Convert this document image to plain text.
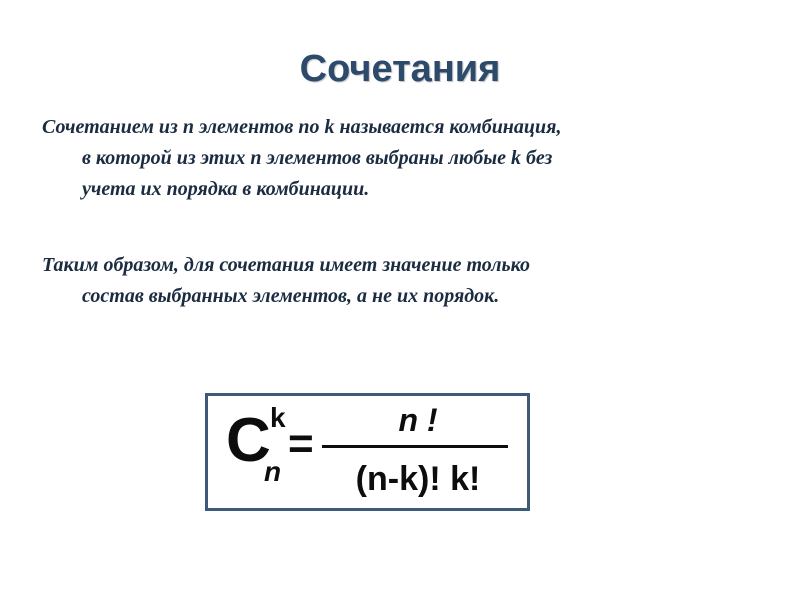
Сочетания
Сочетанием из n элементов по k называется комбинация,
в которой из этих n элементов выбраны любые k без
учета их порядка в комбинации.
Таким образом, для сочетания имеет значение только
состав выбранных элементов, а не их порядок.
C k
n
=	n !
(n-k)! k!
